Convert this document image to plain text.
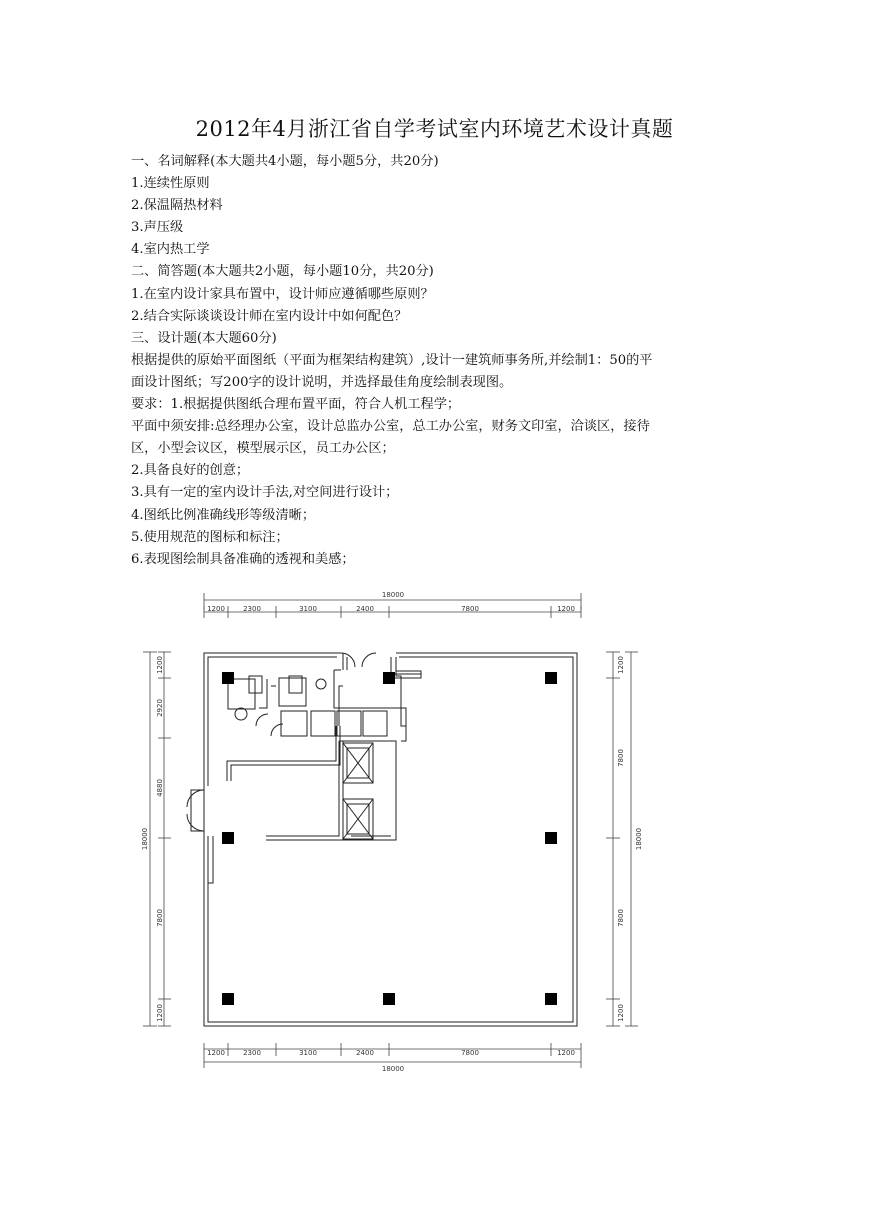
2012年4月浙江省自学考试室内环境艺术设计真题
一、名词解释(本大题共4小题，每小题5分，共20分)
1.连续性原则
2.保温隔热材料
3.声压级
4.室内热工学
二、简答题(本大题共2小题，每小题10分，共20分)
1.在室内设计家具布置中，设计师应遵循哪些原则？
2.结合实际谈谈设计师在室内设计中如何配色？
三、设计题(本大题60分)
根据提供的原始平面图纸（平面为框架结构建筑）,设计一建筑师事务所,并绘制1：50的平
面设计图纸；写200字的设计说明，并选择最佳角度绘制表现图。
要求：1.根据提供图纸合理布置平面，符合人机工程学；
平面中须安排:总经理办公室，设计总监办公室，总工办公室，财务文印室，洽谈区，接待
区，小型会议区，模型展示区，员工办公区；
2.具备良好的创意；
3.具有一定的室内设计手法,对空间进行设计；
4.图纸比例准确线形等级清晰；
5.使用规范的图标和标注；
6.表现图绘制具备准确的透视和美感；
18000
1200	2300	3100	2400	7800	1200
1200	2300	3100	2400	7800	1200
18000
18000
1200
2920
4880
7800
1200
1200
7800
7800
1200
18000
